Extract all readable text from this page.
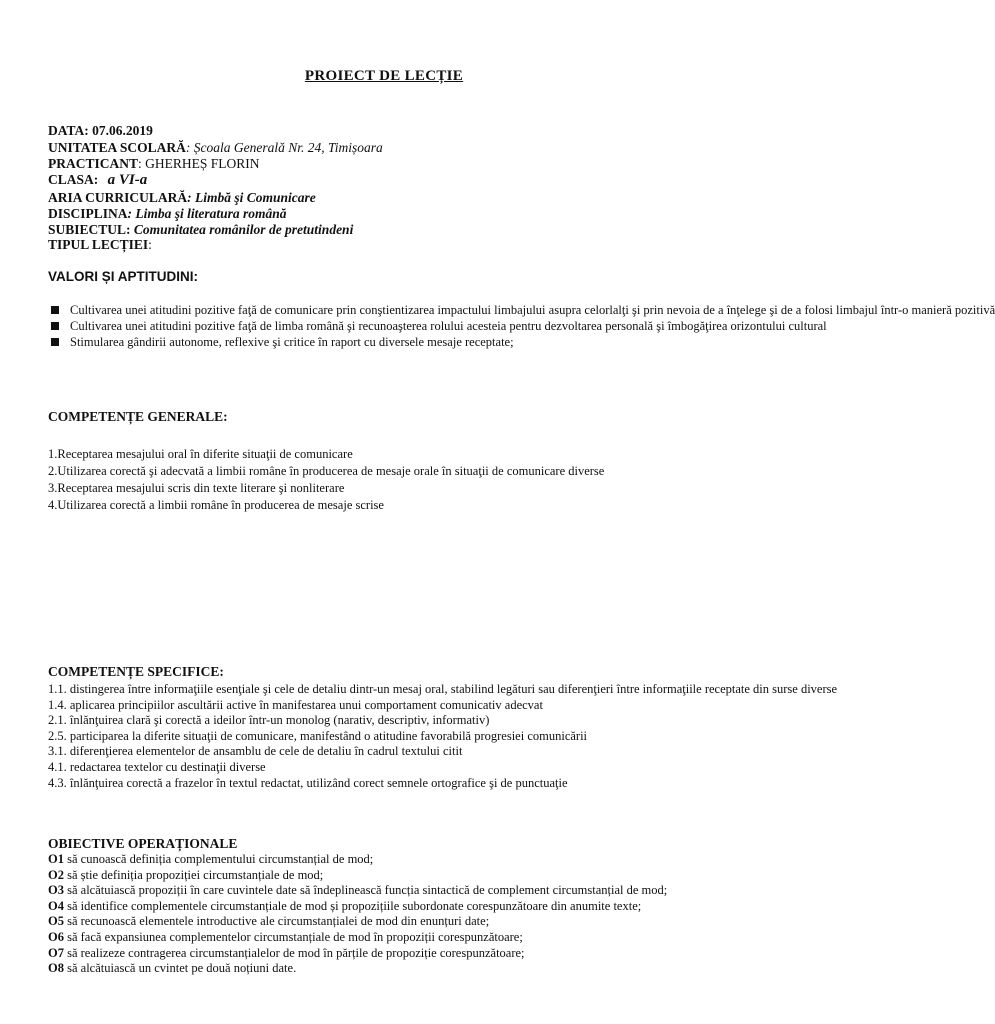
PROIECT DE LECȚIE
DATA: 07.06.2019
UNITATEA SCOLARĂ: Școala Generală Nr. 24, Timișoara
PRACTICANT: GHERHEȘ FLORIN
CLASA: a VI-a
ARIA CURRICULARĂ: Limbă şi Comunicare
DISCIPLINA: Limba şi literatura română
SUBIECTUL: Comunitatea românilor de pretutindeni
TIPUL LECȚIEI:
VALORI ȘI APTITUDINI:
Cultivarea unei atitudini pozitive faţă de comunicare prin conştientizarea impactului limbajului asupra celorlalţi şi prin nevoia de a înţelege şi de a folosi limbajul într-o manieră pozitivă
Cultivarea unei atitudini pozitive faţă de limba română şi recunoaşterea rolului acesteia pentru dezvoltarea personală şi îmbogăţirea orizontului cultural
Stimularea gândirii autonome, reflexive şi critice în raport cu diversele mesaje receptate;
COMPETENȚE GENERALE:
1.Receptarea mesajului oral în diferite situaţii de comunicare
2.Utilizarea corectă şi adecvată a limbii române în producerea de mesaje orale în situaţii de comunicare diverse
3.Receptarea mesajului scris din texte literare şi nonliterare
4.Utilizarea corectă a limbii române în producerea de mesaje scrise
COMPETENȚE SPECIFICE:
1.1. distingerea între informaţiile esenţiale şi cele de detaliu dintr-un mesaj oral, stabilind legături sau diferenţieri între informaţiile receptate din surse diverse
1.4. aplicarea principiilor ascultării active în manifestarea unui comportament comunicativ adecvat
2.1. înlănţuirea clară şi corectă a ideilor într-un monolog (narativ, descriptiv, informativ)
2.5. participarea la diferite situaţii de comunicare, manifestând o atitudine favorabilă progresiei comunicării
3.1. diferenţierea elementelor de ansamblu de cele de detaliu în cadrul textului citit
4.1. redactarea textelor cu destinaţii diverse
4.3. înlănţuirea corectă a frazelor în textul redactat, utilizând corect semnele ortografice şi de punctuaţie
OBIECTIVE OPERAȚIONALE
O1 să cunoască definiția complementului circumstanțial de mod;
O2 să știe definiția propoziției circumstanțiale de mod;
O3 să alcătuiască propoziții în care cuvintele date să îndeplinească funcția sintactică de complement circumstanțial de mod;
O4 să identifice complementele circumstanțiale de mod și propozițiile subordonate corespunzătoare din anumite texte;
O5 să recunoască elementele introductive ale circumstanțialei de mod din enunțuri date;
O6 să facă expansiunea complementelor circumstanțiale de mod în propoziții corespunzătoare;
O7 să realizeze contragerea circumstanțialelor de mod în părțile de propoziție corespunzătoare;
O8 să alcătuiască un cvintet pe două noțiuni date.
